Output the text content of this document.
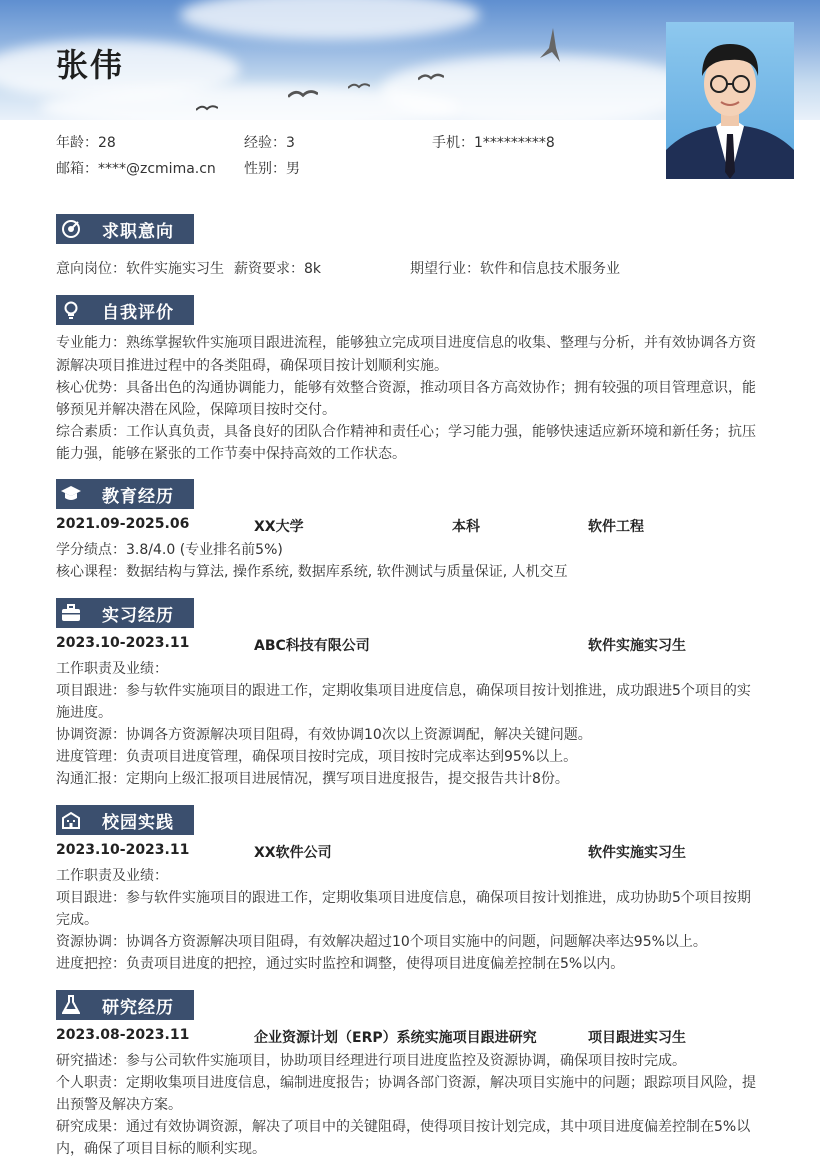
张伟
年龄：28	经验：3	手机：1*********8
邮箱：****@zcmima.cn 性别：男
求职意向
意向岗位：软件实施实习生 薪资要求：8k	期望行业：软件和信息技术服务业
自我评价
专业能力：熟练掌握软件实施项目跟进流程，能够独立完成项目进度信息的收集、整理与分析，并有效协调各方资
源解决项目推进过程中的各类阻碍，确保项目按计划顺利实施。
核心优势：具备出色的沟通协调能力，能够有效整合资源，推动项目各方高效协作；拥有较强的项目管理意识，能
够预见并解决潜在风险，保障项目按时交付。
综合素质：工作认真负责，具备良好的团队合作精神和责任心；学习能力强，能够快速适应新环境和新任务；抗压
能力强，能够在紧张的工作节奏中保持高效的工作状态。
教育经历
2021.09-2025.06	XX大学	本科	软件工程
学分绩点：3.8/4.0 (专业排名前5%)
核心课程：数据结构与算法, 操作系统, 数据库系统, 软件测试与质量保证, 人机交互
实习经历
2023.10-2023.11	ABC科技有限公司	软件实施实习生
工作职责及业绩：
项目跟进：参与软件实施项目的跟进工作，定期收集项目进度信息，确保项目按计划推进，成功跟进5个项目的实
施进度。
协调资源：协调各方资源解决项目阻碍，有效协调10次以上资源调配，解决关键问题。
进度管理：负责项目进度管理，确保项目按时完成，项目按时完成率达到95%以上。
沟通汇报：定期向上级汇报项目进展情况，撰写项目进度报告，提交报告共计8份。
校园实践
2023.10-2023.11	XX软件公司	软件实施实习生
工作职责及业绩：
项目跟进：参与软件实施项目的跟进工作，定期收集项目进度信息，确保项目按计划推进，成功协助5个项目按期
完成。
资源协调：协调各方资源解决项目阻碍，有效解决超过10个项目实施中的问题，问题解决率达95%以上。
进度把控：负责项目进度的把控，通过实时监控和调整，使得项目进度偏差控制在5%以内。
研究经历
2023.08-2023.11	企业资源计划（ERP）系统实施项目跟进研究	项目跟进实习生
研究描述：参与公司软件实施项目，协助项目经理进行项目进度监控及资源协调，确保项目按时完成。
个人职责：定期收集项目进度信息，编制进度报告；协调各部门资源，解决项目实施中的问题；跟踪项目风险，提
出预警及解决方案。
研究成果：通过有效协调资源，解决了项目中的关键阻碍，使得项目按计划完成，其中项目进度偏差控制在5%以
内，确保了项目目标的顺利实现。
